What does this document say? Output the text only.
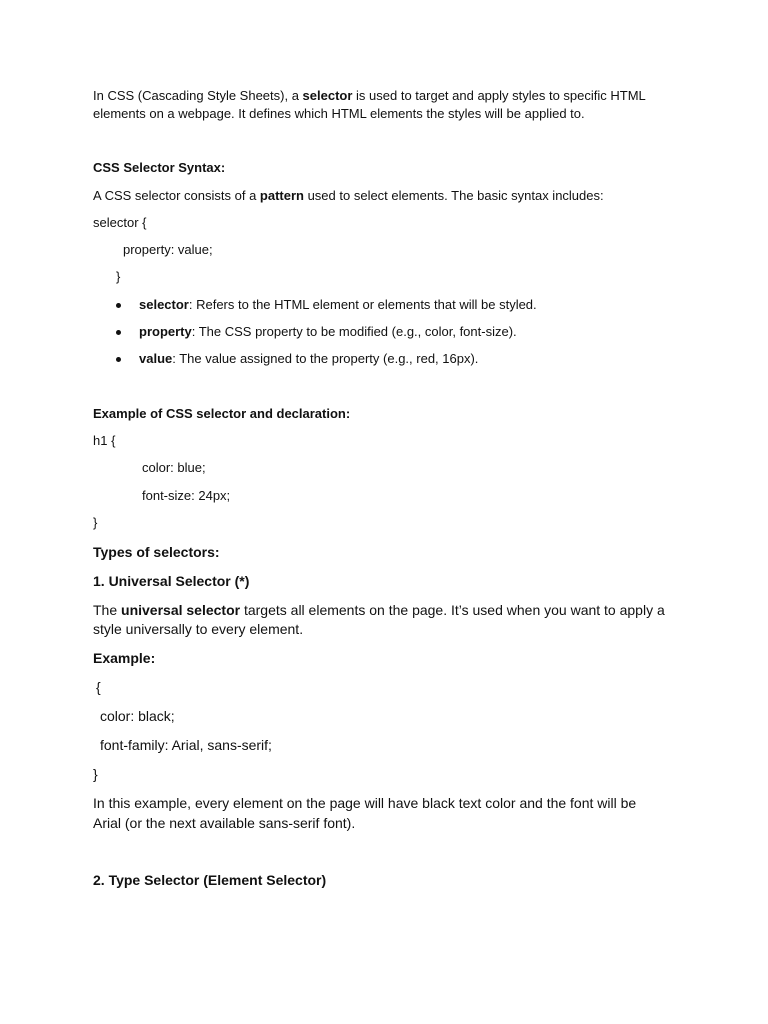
In CSS (Cascading Style Sheets), a selector is used to target and apply styles to specific HTML
elements on a webpage. It defines which HTML elements the styles will be applied to.
CSS Selector Syntax:
A CSS selector consists of a pattern used to select elements. The basic syntax includes:
selector {
property: value;
}
selector: Refers to the HTML element or elements that will be styled.
property: The CSS property to be modified (e.g., color, font-size).
value: The value assigned to the property (e.g., red, 16px).
Example of CSS selector and declaration:
h1 {
color: blue;
font-size: 24px;
}
Types of selectors:
1. Universal Selector (*)
The universal selector targets all elements on the page. It’s used when you want to apply a
style universally to every element.
Example:
{
color: black;
font-family: Arial, sans-serif;
}
In this example, every element on the page will have black text color and the font will be
Arial (or the next available sans-serif font).
2. Type Selector (Element Selector)
